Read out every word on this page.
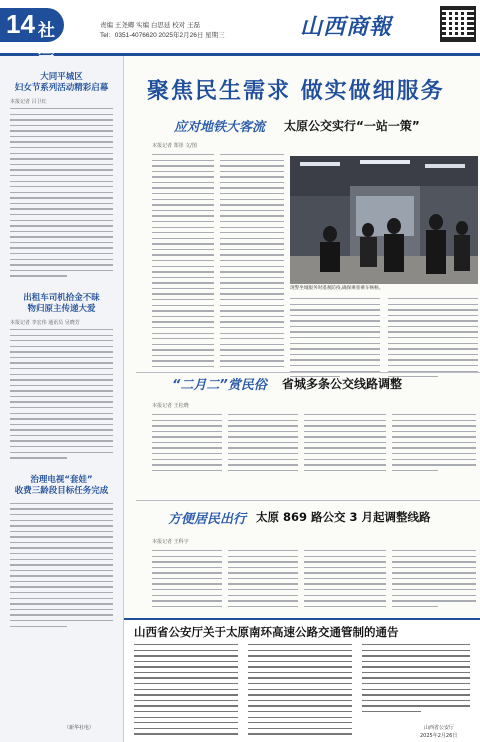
14 社	责编 王尧卿 实编 白思延 校对 王磊
Tel：0351-4076620 2025年2月26日 星期三	山西商報
大同平城区
妇女节系列活动精彩启幕
本报记者 吕卫红
出租车司机拾金不昧
物归原主传递大爱
本报记者 李宏伟 通讯员 吴晓芳
治理电视“套娃”
收费三龄段目标任务完成
（新华社电）
聚焦民生需求 做实做细服务
应对地铁大客流 太原公交实行“一站一策”
本报记者 郑彤 文/图
现警坐城服务时遥观防疫,确保乘客乘车畅畅。
“二月二”赏民俗 省城多条公交线路调整
本报记者 王松晓
方便居民出行 太原 869 路公交 3 月起调整线路
本报记者 王科宇
山西省公安厅关于太原南环高速公路交通管制的通告
山西省公安厅
2025年2月26日
